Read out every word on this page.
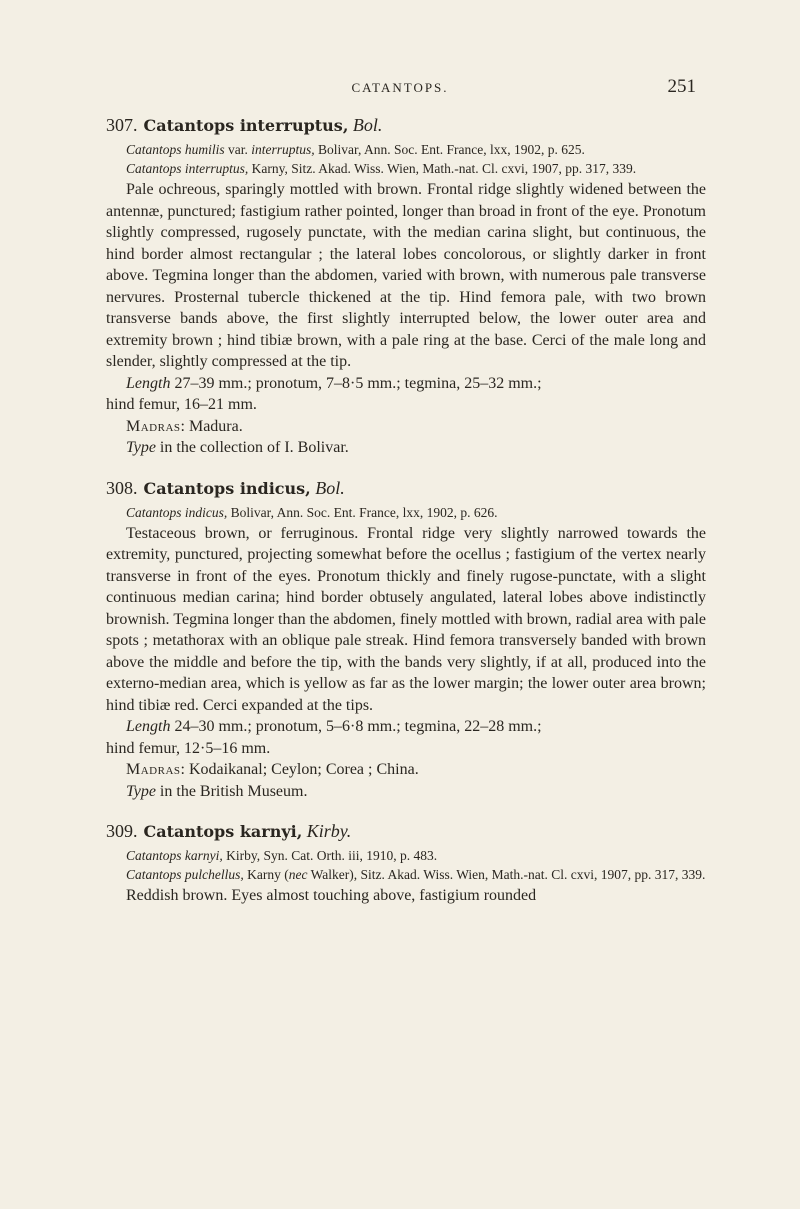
CATANTOPS.	251

307. Catantops interruptus, Bol.

Catantops humilis var. interruptus, Bolivar, Ann. Soc. Ent. France, lxx, 1902, p. 625.

Catantops interruptus, Karny, Sitz. Akad. Wiss. Wien, Math.-nat. Cl. cxvi, 1907, pp. 317, 339.

Pale ochreous, sparingly mottled with brown. Frontal ridge slightly widened between the antennæ, punctured; fastigium rather pointed, longer than broad in front of the eye. Pronotum slightly compressed, rugosely punctate, with the median carina slight, but continuous, the hind border almost rectangular ; the lateral lobes concolorous, or slightly darker in front above. Tegmina longer than the abdomen, varied with brown, with numerous pale transverse nervures. Prosternal tubercle thickened at the tip. Hind femora pale, with two brown transverse bands above, the first slightly interrupted below, the lower outer area and extremity brown ; hind tibiæ brown, with a pale ring at the base. Cerci of the male long and slender, slightly compressed at the tip.

Length 27–39 mm.; pronotum, 7–8·5 mm.; tegmina, 25–32 mm.;

hind femur, 16–21 mm.

Madras: Madura.

Type in the collection of I. Bolivar.

308. Catantops indicus, Bol.

Catantops indicus, Bolivar, Ann. Soc. Ent. France, lxx, 1902, p. 626.

Testaceous brown, or ferruginous. Frontal ridge very slightly narrowed towards the extremity, punctured, projecting somewhat before the ocellus ; fastigium of the vertex nearly transverse in front of the eyes. Pronotum thickly and finely rugose-punctate, with a slight continuous median carina; hind border obtusely angulated, lateral lobes above indistinctly brownish. Tegmina longer than the abdomen, finely mottled with brown, radial area with pale spots ; metathorax with an oblique pale streak. Hind femora transversely banded with brown above the middle and before the tip, with the bands very slightly, if at all, produced into the externo-median area, which is yellow as far as the lower margin; the lower outer area brown; hind tibiæ red. Cerci expanded at the tips.

Length 24–30 mm.; pronotum, 5–6·8 mm.; tegmina, 22–28 mm.;

hind femur, 12·5–16 mm.

Madras: Kodaikanal; Ceylon; Corea ; China.

Type in the British Museum.

309. Catantops karnyi, Kirby.

Catantops karnyi, Kirby, Syn. Cat. Orth. iii, 1910, p. 483.

Catantops pulchellus, Karny (nec Walker), Sitz. Akad. Wiss. Wien, Math.-nat. Cl. cxvi, 1907, pp. 317, 339.

Reddish brown. Eyes almost touching above, fastigium rounded
